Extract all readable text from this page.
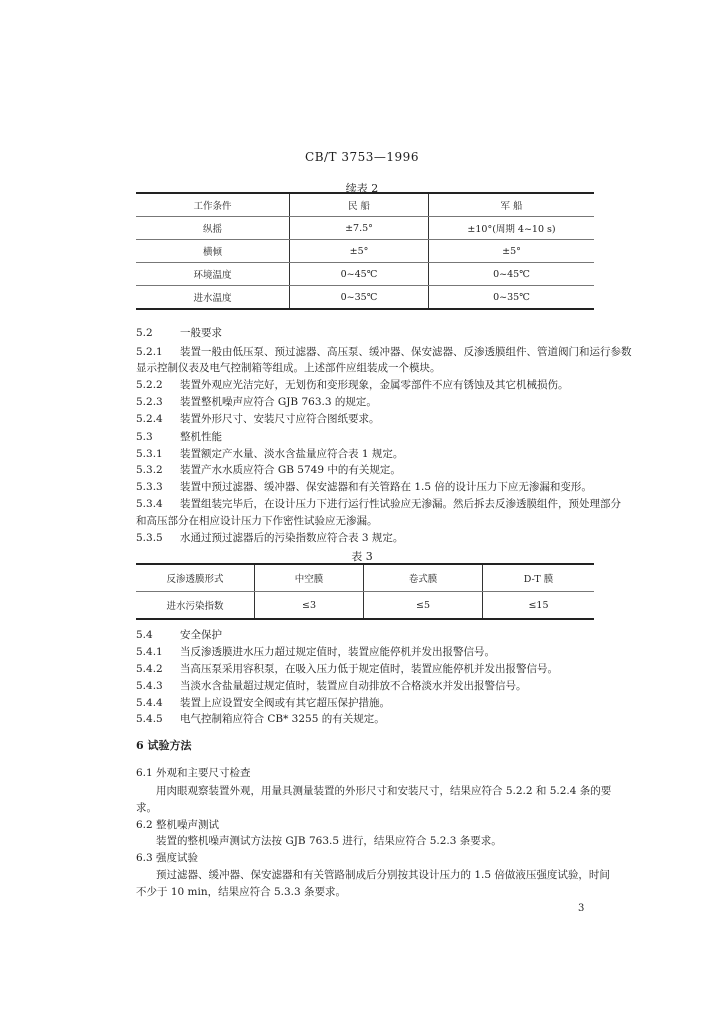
CB/T 3753—1996
续表 2
工作条件	民 船	军 船
纵摇	±7.5°	±10°(周期 4~10 s)
横倾	±5°	±5°
环境温度	0~45℃	0~45℃
进水温度	0~35℃	0~35℃
5.2	一般要求
5.2.1 装置一般由低压泵、预过滤器、高压泵、缓冲器、保安滤器、反渗透膜组件、管道阀门和运行参数
显示控制仪表及电气控制箱等组成。上述部件应组装成一个模块。
5.2.2 装置外观应光洁完好，无划伤和变形现象，金属零部件不应有锈蚀及其它机械损伤。
5.2.3 装置整机噪声应符合 GJB 763.3 的规定。
5.2.4 装置外形尺寸、安装尺寸应符合图纸要求。
5.3	整机性能
5.3.1 装置额定产水量、淡水含盐量应符合表 1 规定。
5.3.2 装置产水水质应符合 GB 5749 中的有关规定。
5.3.3 装置中预过滤器、缓冲器、保安滤器和有关管路在 1.5 倍的设计压力下应无渗漏和变形。
5.3.4 装置组装完毕后，在设计压力下进行运行性试验应无渗漏。然后拆去反渗透膜组件，预处理部分
和高压部分在相应设计压力下作密性试验应无渗漏。
5.3.5 水通过预过滤器后的污染指数应符合表 3 规定。
表 3
反渗透膜形式	中空膜	卷式膜	D-T 膜
进水污染指数	≤3	≤5	≤15
5.4	安全保护
5.4.1 当反渗透膜进水压力超过规定值时，装置应能停机并发出报警信号。
5.4.2 当高压泵采用容积泵，在吸入压力低于规定值时，装置应能停机并发出报警信号。
5.4.3 当淡水含盐量超过规定值时，装置应自动排放不合格淡水并发出报警信号。
5.4.4 装置上应设置安全阀或有其它超压保护措施。
5.4.5 电气控制箱应符合 CB* 3255 的有关规定。
6 试验方法
6.1 外观和主要尺寸检查
用肉眼观察装置外观，用量具测量装置的外形尺寸和安装尺寸，结果应符合 5.2.2 和 5.2.4 条的要
求。
6.2 整机噪声测试
装置的整机噪声测试方法按 GJB 763.5 进行，结果应符合 5.2.3 条要求。
6.3 强度试验
预过滤器、缓冲器、保安滤器和有关管路制成后分别按其设计压力的 1.5 倍做液压强度试验，时间
不少于 10 min，结果应符合 5.3.3 条要求。
3
